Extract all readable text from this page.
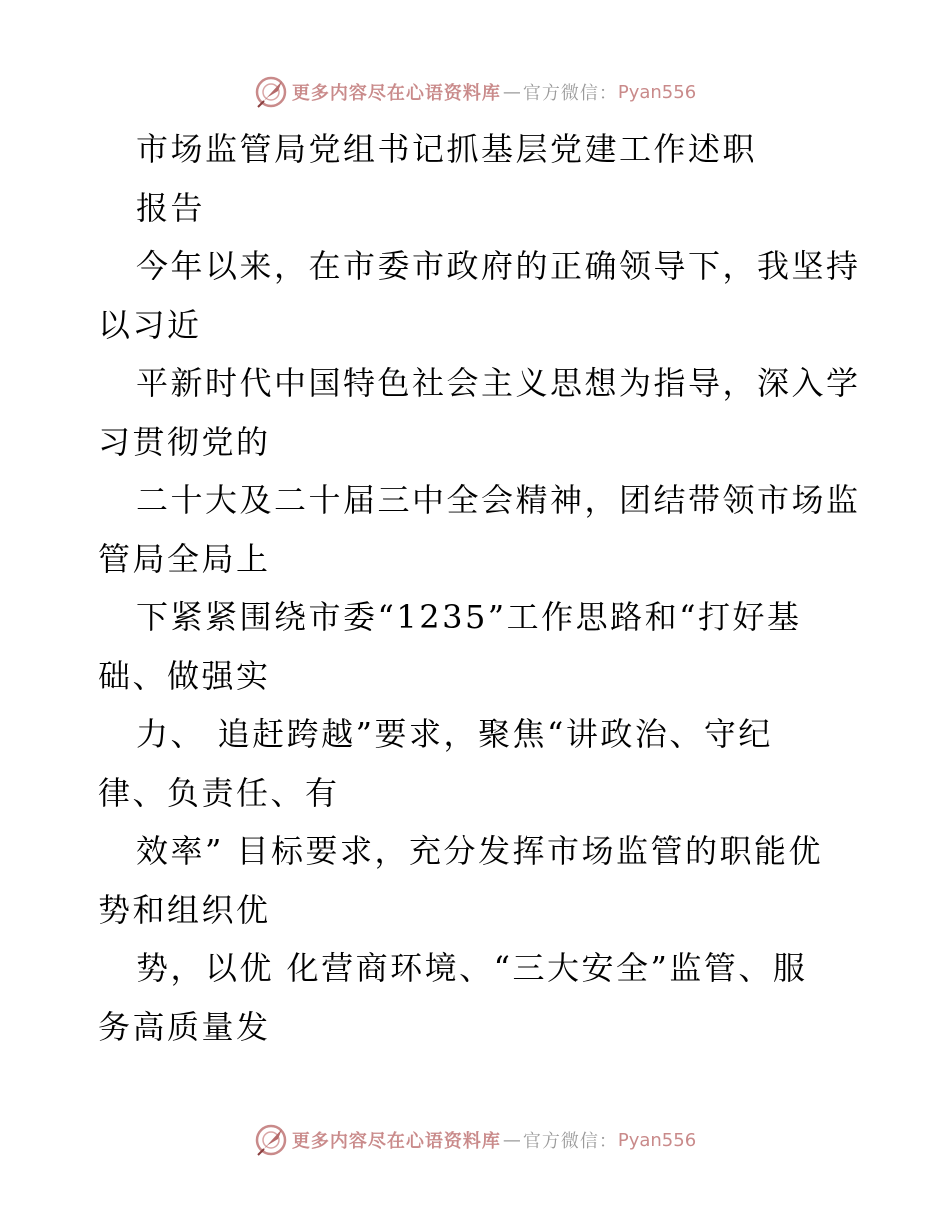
更多内容尽在心语资料库 — 官方微信： Pyan556
市场监管局党组书记抓基层党建工作述职
报告
今年以来，在市委市政府的正确领导下，我坚持
以习近
平新时代中国特色社会主义思想为指导，深入学
习贯彻党的
二十大及二十届三中全会精神，团结带领市场监
管局全局上
下紧紧围绕市委“1235”工作思路和“打好基
础、做强实
力、 追赶跨越”要求，聚焦“讲政治、守纪
律、负责任、有
效率” 目标要求，充分发挥市场监管的职能优
势和组织优
势，以优 化营商环境、“三大安全”监管、服
务高质量发
更多内容尽在心语资料库 — 官方微信： Pyan556
